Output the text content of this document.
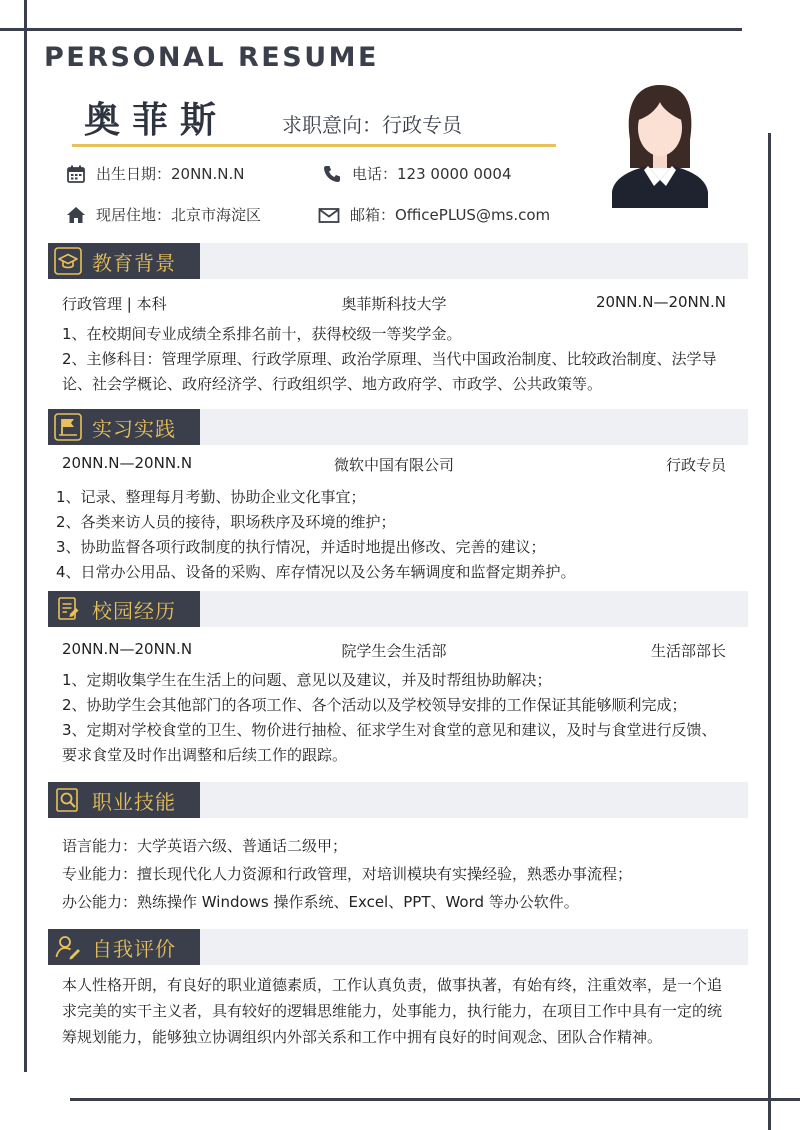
PERSONAL RESUME
奥菲斯	求职意向：行政专员
出生日期：20NN.N.N	电话：123 0000 0004
现居住地：北京市海淀区	邮箱：OfficePLUS@ms.com
教育背景
行政管理 | 本科	奥菲斯科技大学	20NN.N—20NN.N

1、在校期间专业成绩全系排名前十，获得校级一等奖学金。

2、主修科目：管理学原理、行政学原理、政治学原理、当代中国政治制度、比较政治制度、法学导论、社会学概论、政府经济学、行政组织学、地方政府学、市政学、公共政策等。

实习实践
20NN.N—20NN.N	微软中国有限公司	行政专员

1、记录、整理每月考勤、协助企业文化事宜；

2、各类来访人员的接待，职场秩序及环境的维护；

3、协助监督各项行政制度的执行情况，并适时地提出修改、完善的建议；

4、日常办公用品、设备的采购、库存情况以及公务车辆调度和监督定期养护。

校园经历
20NN.N—20NN.N	院学生会生活部	生活部部长

1、定期收集学生在生活上的问题、意见以及建议，并及时帮组协助解决；

2、协助学生会其他部门的各项工作、各个活动以及学校领导安排的工作保证其能够顺利完成；

3、定期对学校食堂的卫生、物价进行抽检、征求学生对食堂的意见和建议，及时与食堂进行反馈、要求食堂及时作出调整和后续工作的跟踪。

职业技能

语言能力：大学英语六级、普通话二级甲；

专业能力：擅长现代化人力资源和行政管理，对培训模块有实操经验，熟悉办事流程；

办公能力：熟练操作 Windows 操作系统、Excel、PPT、Word 等办公软件。

自我评价
本人性格开朗，有良好的职业道德素质，工作认真负责，做事执著，有始有终，注重效率，是一个追求完美的实干主义者，具有较好的逻辑思维能力，处事能力，执行能力，在项目工作中具有一定的统筹规划能力，能够独立协调组织内外部关系和工作中拥有良好的时间观念、团队合作精神。
